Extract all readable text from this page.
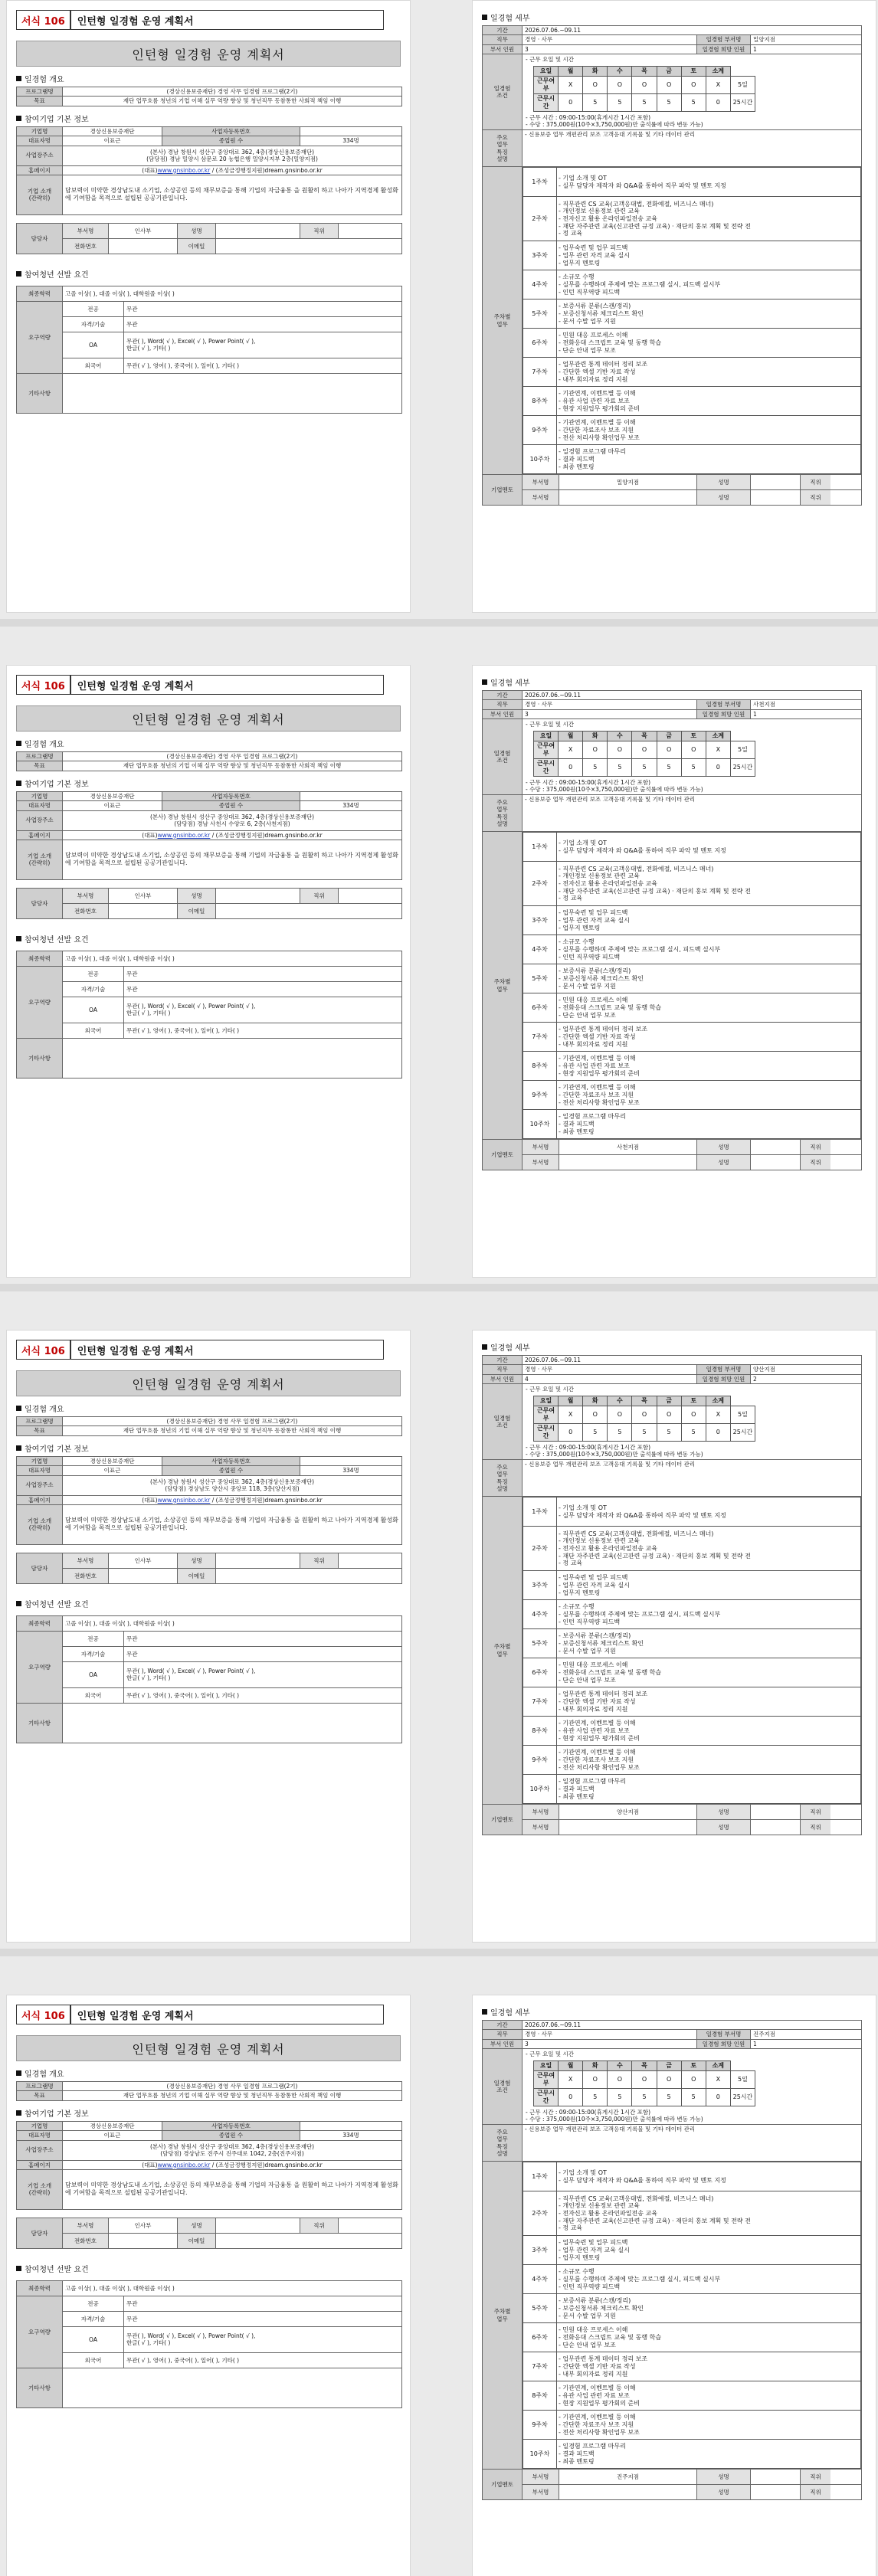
서식 106	인턴형 일경험 운영 계획서
인턴형 일경험 운영 계획서
일경험 개요
프로그램명	(경상신용보증재단) 경영 사무 일경험 프로그램(2기)
목표	재단 업무흐름 청년의 기업 이해 실무 역량 향상 및 청년직무 동참통한 사회적 책임 이행
참여기업 기본 정보
기업명	경상신용보증재단	사업자등록번호	
대표자명	이표근	종업원 수	334명
사업장주소	(본사) 경남 창원시 성산구 중앙대로 362, 4층(경상신용보증재단)
(담당점) 경남 밀양시 삼문로 20 농협은행 밀양시지부 2층(밀양지점)		
홈페이지	(대표)www.gnsinbo.or.kr / (조성금정행정지원)dream.gnsinbo.or.kr		
기업 소개
(간략히)	담보력이 미약한 경상남도내 소기업, 소상공인 등의 채무보증을 통해 기업의 자금융통 을 원활히 하고 나아가 지역경제 활성화에 기여함을 목적으로 설립된 공공기관입니다.		
담당자	부서명	인사부	성명		직위	
	전화번호		이메일			
참여청년 선발 요건
최종학력	고졸 이상( ), 대졸 이상( ), 대학원졸 이상( )	
요구역량	전공	무관
	자격/기술	무관
	OA	무관( ), Word( √ ), Excel( √ ), Power Point( √ ),
한글( √ ), 기타( )
	외국어	무관( √ ), 영어( ), 중국어( ), 일어( ), 기타( )
기타사항		
일경험 세부
기간	2026.07.06.~09.11
직무	경영 · 사무	일경험 부서명	밀양지점
부서 인원	3	일경험 희망 인원	1
일경험
조건	
- 근무 요일 및 시간
요일	월	화	수	목	금	토	소계
근무여부	X	O	O	O	O	O	X	5일
근무시간	0	5	5	5	5	5	0	25시간
- 근무 시간 : 09:00-15:00(휴게시간 1시간 포함)
- 수당 : 375,000원(10주×3,750,000원)만 출석률에 따라 변동 가능)

주요
업무
특징
설명	- 신용보증 업무 개편관리 보조 고객응대 기록물 및 기타 데이터 관리
주차별
업무	
1주차	- 기업 소개 및 OT
- 실무 담당자 제작자 와 Q&A를 통하여 직무 파악 및 멘토 지정
2주차	- 직무관련 CS 교육(고객응대법, 전화예절, 비즈니스 매너)
- 개인정보 신용정보 관련 교육
- 전자신고 활용 온라인파일전송 교육
- 재단 자주관련 교육(신고관련 규정 교육) · 재단의 홍보 계획 및 전략 전
- 정 교육
3주차	- 업무숙련 및 업무 피드백
- 업무 관련 자격 교육 실시
- 업무지 멘토링
4주차	- 소규모 수행
- 실무를 수행하며 주제에 맞는 프로그램 실시, 피드백 실시부
- 인턴 직무역량 피드백
5주차	- 보증서류 분류(스캔/정리)
- 보증신청서류 체크리스트 확인
- 문서 수발 업무 지원
6주차	- 민원 대응 프로세스 이해
- 전화응대 스크립트 교육 및 동행 학습
- 단순 안내 업무 보조
7주차	- 업무관련 통계 데이터 정리 보조
- 간단한 엑셀 기반 자료 작성
- 내부 회의자료 정리 지원
8주차	- 기관연계, 이벤트별 등 이해
- 유관 사업 관련 자료 보조
- 현장 지원업무 평가회의 준비
9주차	- 기관연계, 이벤트별 등 이해
- 간단한 자료조사 보조 지원
- 전산 처리사항 확인업무 보조
10주차	- 일경험 프로그램 마무리
- 결과 피드백
- 최종 멘토링

기업멘토	
부서명	밀양지점	성명	직위

부서명	성명	직위
서식 106	인턴형 일경험 운영 계획서
인턴형 일경험 운영 계획서
일경험 개요
프로그램명	(경상신용보증재단) 경영 사무 일경험 프로그램(2기)
목표	재단 업무흐름 청년의 기업 이해 실무 역량 향상 및 청년직무 동참통한 사회적 책임 이행
참여기업 기본 정보
기업명	경상신용보증재단	사업자등록번호	
대표자명	이표근	종업원 수	334명
사업장주소	(본사) 경남 창원시 성산구 중앙대로 362, 4층(경상신용보증재단)
(담당점) 경남 사천시 수양로 6, 2층(사천지점)		
홈페이지	(대표)www.gnsinbo.or.kr / (조성금정행정지원)dream.gnsinbo.or.kr		
기업 소개
(간략히)	담보력이 미약한 경상남도내 소기업, 소상공인 등의 채무보증을 통해 기업의 자금융통 을 원활히 하고 나아가 지역경제 활성화에 기여함을 목적으로 설립된 공공기관입니다.		
담당자	부서명	인사부	성명		직위	
	전화번호		이메일			
참여청년 선발 요건
최종학력	고졸 이상( ), 대졸 이상( ), 대학원졸 이상( )	
요구역량	전공	무관
	자격/기술	무관
	OA	무관( ), Word( √ ), Excel( √ ), Power Point( √ ),
한글( √ ), 기타( )
	외국어	무관( √ ), 영어( ), 중국어( ), 일어( ), 기타( )
기타사항		
일경험 세부
기간	2026.07.06.~09.11
직무	경영 · 사무	일경험 부서명	사천지점
부서 인원	3	일경험 희망 인원	1
일경험
조건	
- 근무 요일 및 시간
요일	월	화	수	목	금	토	소계
근무여부	X	O	O	O	O	O	X	5일
근무시간	0	5	5	5	5	5	0	25시간
- 근무 시간 : 09:00-15:00(휴게시간 1시간 포함)
- 수당 : 375,000원(10주×3,750,000원)만 출석률에 따라 변동 가능)

주요
업무
특징
설명	- 신용보증 업무 개편관리 보조 고객응대 기록물 및 기타 데이터 관리
주차별
업무	
1주차	- 기업 소개 및 OT
- 실무 담당자 제작자 와 Q&A를 통하여 직무 파악 및 멘토 지정
2주차	- 직무관련 CS 교육(고객응대법, 전화예절, 비즈니스 매너)
- 개인정보 신용정보 관련 교육
- 전자신고 활용 온라인파일전송 교육
- 재단 자주관련 교육(신고관련 규정 교육) · 재단의 홍보 계획 및 전략 전
- 정 교육
3주차	- 업무숙련 및 업무 피드백
- 업무 관련 자격 교육 실시
- 업무지 멘토링
4주차	- 소규모 수행
- 실무를 수행하며 주제에 맞는 프로그램 실시, 피드백 실시부
- 인턴 직무역량 피드백
5주차	- 보증서류 분류(스캔/정리)
- 보증신청서류 체크리스트 확인
- 문서 수발 업무 지원
6주차	- 민원 대응 프로세스 이해
- 전화응대 스크립트 교육 및 동행 학습
- 단순 안내 업무 보조
7주차	- 업무관련 통계 데이터 정리 보조
- 간단한 엑셀 기반 자료 작성
- 내부 회의자료 정리 지원
8주차	- 기관연계, 이벤트별 등 이해
- 유관 사업 관련 자료 보조
- 현장 지원업무 평가회의 준비
9주차	- 기관연계, 이벤트별 등 이해
- 간단한 자료조사 보조 지원
- 전산 처리사항 확인업무 보조
10주차	- 일경험 프로그램 마무리
- 결과 피드백
- 최종 멘토링

기업멘토	
부서명	사천지점	성명	직위

부서명	성명	직위
서식 106	인턴형 일경험 운영 계획서
인턴형 일경험 운영 계획서
일경험 개요
프로그램명	(경상신용보증재단) 경영 사무 일경험 프로그램(2기)
목표	재단 업무흐름 청년의 기업 이해 실무 역량 향상 및 청년직무 동참통한 사회적 책임 이행
참여기업 기본 정보
기업명	경상신용보증재단	사업자등록번호	
대표자명	이표근	종업원 수	334명
사업장주소	(본사) 경남 창원시 성산구 중앙대로 362, 4층(경상신용보증재단)
(담당점) 경상남도 양산시 중앙로 118, 3층(양산지점)		
홈페이지	(대표)www.gnsinbo.or.kr / (조성금정행정지원)dream.gnsinbo.or.kr		
기업 소개
(간략히)	담보력이 미약한 경상남도내 소기업, 소상공인 등의 채무보증을 통해 기업의 자금융통 을 원활히 하고 나아가 지역경제 활성화에 기여함을 목적으로 설립된 공공기관입니다.		
담당자	부서명	인사부	성명		직위	
	전화번호		이메일			
참여청년 선발 요건
최종학력	고졸 이상( ), 대졸 이상( ), 대학원졸 이상( )	
요구역량	전공	무관
	자격/기술	무관
	OA	무관( ), Word( √ ), Excel( √ ), Power Point( √ ),
한글( √ ), 기타( )
	외국어	무관( √ ), 영어( ), 중국어( ), 일어( ), 기타( )
기타사항		
일경험 세부
기간	2026.07.06.~09.11
직무	경영 · 사무	일경험 부서명	양산지점
부서 인원	4	일경험 희망 인원	2
일경험
조건	
- 근무 요일 및 시간
요일	월	화	수	목	금	토	소계
근무여부	X	O	O	O	O	O	X	5일
근무시간	0	5	5	5	5	5	0	25시간
- 근무 시간 : 09:00-15:00(휴게시간 1시간 포함)
- 수당 : 375,000원(10주×3,750,000원)만 출석률에 따라 변동 가능)

주요
업무
특징
설명	- 신용보증 업무 개편관리 보조 고객응대 기록물 및 기타 데이터 관리
주차별
업무	
1주차	- 기업 소개 및 OT
- 실무 담당자 제작자 와 Q&A를 통하여 직무 파악 및 멘토 지정
2주차	- 직무관련 CS 교육(고객응대법, 전화예절, 비즈니스 매너)
- 개인정보 신용정보 관련 교육
- 전자신고 활용 온라인파일전송 교육
- 재단 자주관련 교육(신고관련 규정 교육) · 재단의 홍보 계획 및 전략 전
- 정 교육
3주차	- 업무숙련 및 업무 피드백
- 업무 관련 자격 교육 실시
- 업무지 멘토링
4주차	- 소규모 수행
- 실무를 수행하며 주제에 맞는 프로그램 실시, 피드백 실시부
- 인턴 직무역량 피드백
5주차	- 보증서류 분류(스캔/정리)
- 보증신청서류 체크리스트 확인
- 문서 수발 업무 지원
6주차	- 민원 대응 프로세스 이해
- 전화응대 스크립트 교육 및 동행 학습
- 단순 안내 업무 보조
7주차	- 업무관련 통계 데이터 정리 보조
- 간단한 엑셀 기반 자료 작성
- 내부 회의자료 정리 지원
8주차	- 기관연계, 이벤트별 등 이해
- 유관 사업 관련 자료 보조
- 현장 지원업무 평가회의 준비
9주차	- 기관연계, 이벤트별 등 이해
- 간단한 자료조사 보조 지원
- 전산 처리사항 확인업무 보조
10주차	- 일경험 프로그램 마무리
- 결과 피드백
- 최종 멘토링

기업멘토	
부서명	양산지점	성명	직위

부서명	성명	직위
서식 106	인턴형 일경험 운영 계획서
인턴형 일경험 운영 계획서
일경험 개요
프로그램명	(경상신용보증재단) 경영 사무 일경험 프로그램(2기)
목표	재단 업무흐름 청년의 기업 이해 실무 역량 향상 및 청년직무 동참통한 사회적 책임 이행
참여기업 기본 정보
기업명	경상신용보증재단	사업자등록번호	
대표자명	이표근	종업원 수	334명
사업장주소	(본사) 경남 창원시 성산구 중앙대로 362, 4층(경상신용보증재단)
(담당점) 경상남도 진주시 진주대로 1042, 2층(진주지점)		
홈페이지	(대표)www.gnsinbo.or.kr / (조성금정행정지원)dream.gnsinbo.or.kr		
기업 소개
(간략히)	담보력이 미약한 경상남도내 소기업, 소상공인 등의 채무보증을 통해 기업의 자금융통 을 원활히 하고 나아가 지역경제 활성화에 기여함을 목적으로 설립된 공공기관입니다.		
담당자	부서명	인사부	성명		직위	
	전화번호		이메일			
참여청년 선발 요건
최종학력	고졸 이상( ), 대졸 이상( ), 대학원졸 이상( )	
요구역량	전공	무관
	자격/기술	무관
	OA	무관( ), Word( √ ), Excel( √ ), Power Point( √ ),
한글( √ ), 기타( )
	외국어	무관( √ ), 영어( ), 중국어( ), 일어( ), 기타( )
기타사항		
일경험 세부
기간	2026.07.06.~09.11
직무	경영 · 사무	일경험 부서명	진주지점
부서 인원	3	일경험 희망 인원	1
일경험
조건	
- 근무 요일 및 시간
요일	월	화	수	목	금	토	소계
근무여부	X	O	O	O	O	O	X	5일
근무시간	0	5	5	5	5	5	0	25시간
- 근무 시간 : 09:00-15:00(휴게시간 1시간 포함)
- 수당 : 375,000원(10주×3,750,000원)만 출석률에 따라 변동 가능)

주요
업무
특징
설명	- 신용보증 업무 개편관리 보조 고객응대 기록물 및 기타 데이터 관리
주차별
업무	
1주차	- 기업 소개 및 OT
- 실무 담당자 제작자 와 Q&A를 통하여 직무 파악 및 멘토 지정
2주차	- 직무관련 CS 교육(고객응대법, 전화예절, 비즈니스 매너)
- 개인정보 신용정보 관련 교육
- 전자신고 활용 온라인파일전송 교육
- 재단 자주관련 교육(신고관련 규정 교육) · 재단의 홍보 계획 및 전략 전
- 정 교육
3주차	- 업무숙련 및 업무 피드백
- 업무 관련 자격 교육 실시
- 업무지 멘토링
4주차	- 소규모 수행
- 실무를 수행하며 주제에 맞는 프로그램 실시, 피드백 실시부
- 인턴 직무역량 피드백
5주차	- 보증서류 분류(스캔/정리)
- 보증신청서류 체크리스트 확인
- 문서 수발 업무 지원
6주차	- 민원 대응 프로세스 이해
- 전화응대 스크립트 교육 및 동행 학습
- 단순 안내 업무 보조
7주차	- 업무관련 통계 데이터 정리 보조
- 간단한 엑셀 기반 자료 작성
- 내부 회의자료 정리 지원
8주차	- 기관연계, 이벤트별 등 이해
- 유관 사업 관련 자료 보조
- 현장 지원업무 평가회의 준비
9주차	- 기관연계, 이벤트별 등 이해
- 간단한 자료조사 보조 지원
- 전산 처리사항 확인업무 보조
10주차	- 일경험 프로그램 마무리
- 결과 피드백
- 최종 멘토링

기업멘토	
부서명	진주지점	성명	직위

부서명	성명	직위
